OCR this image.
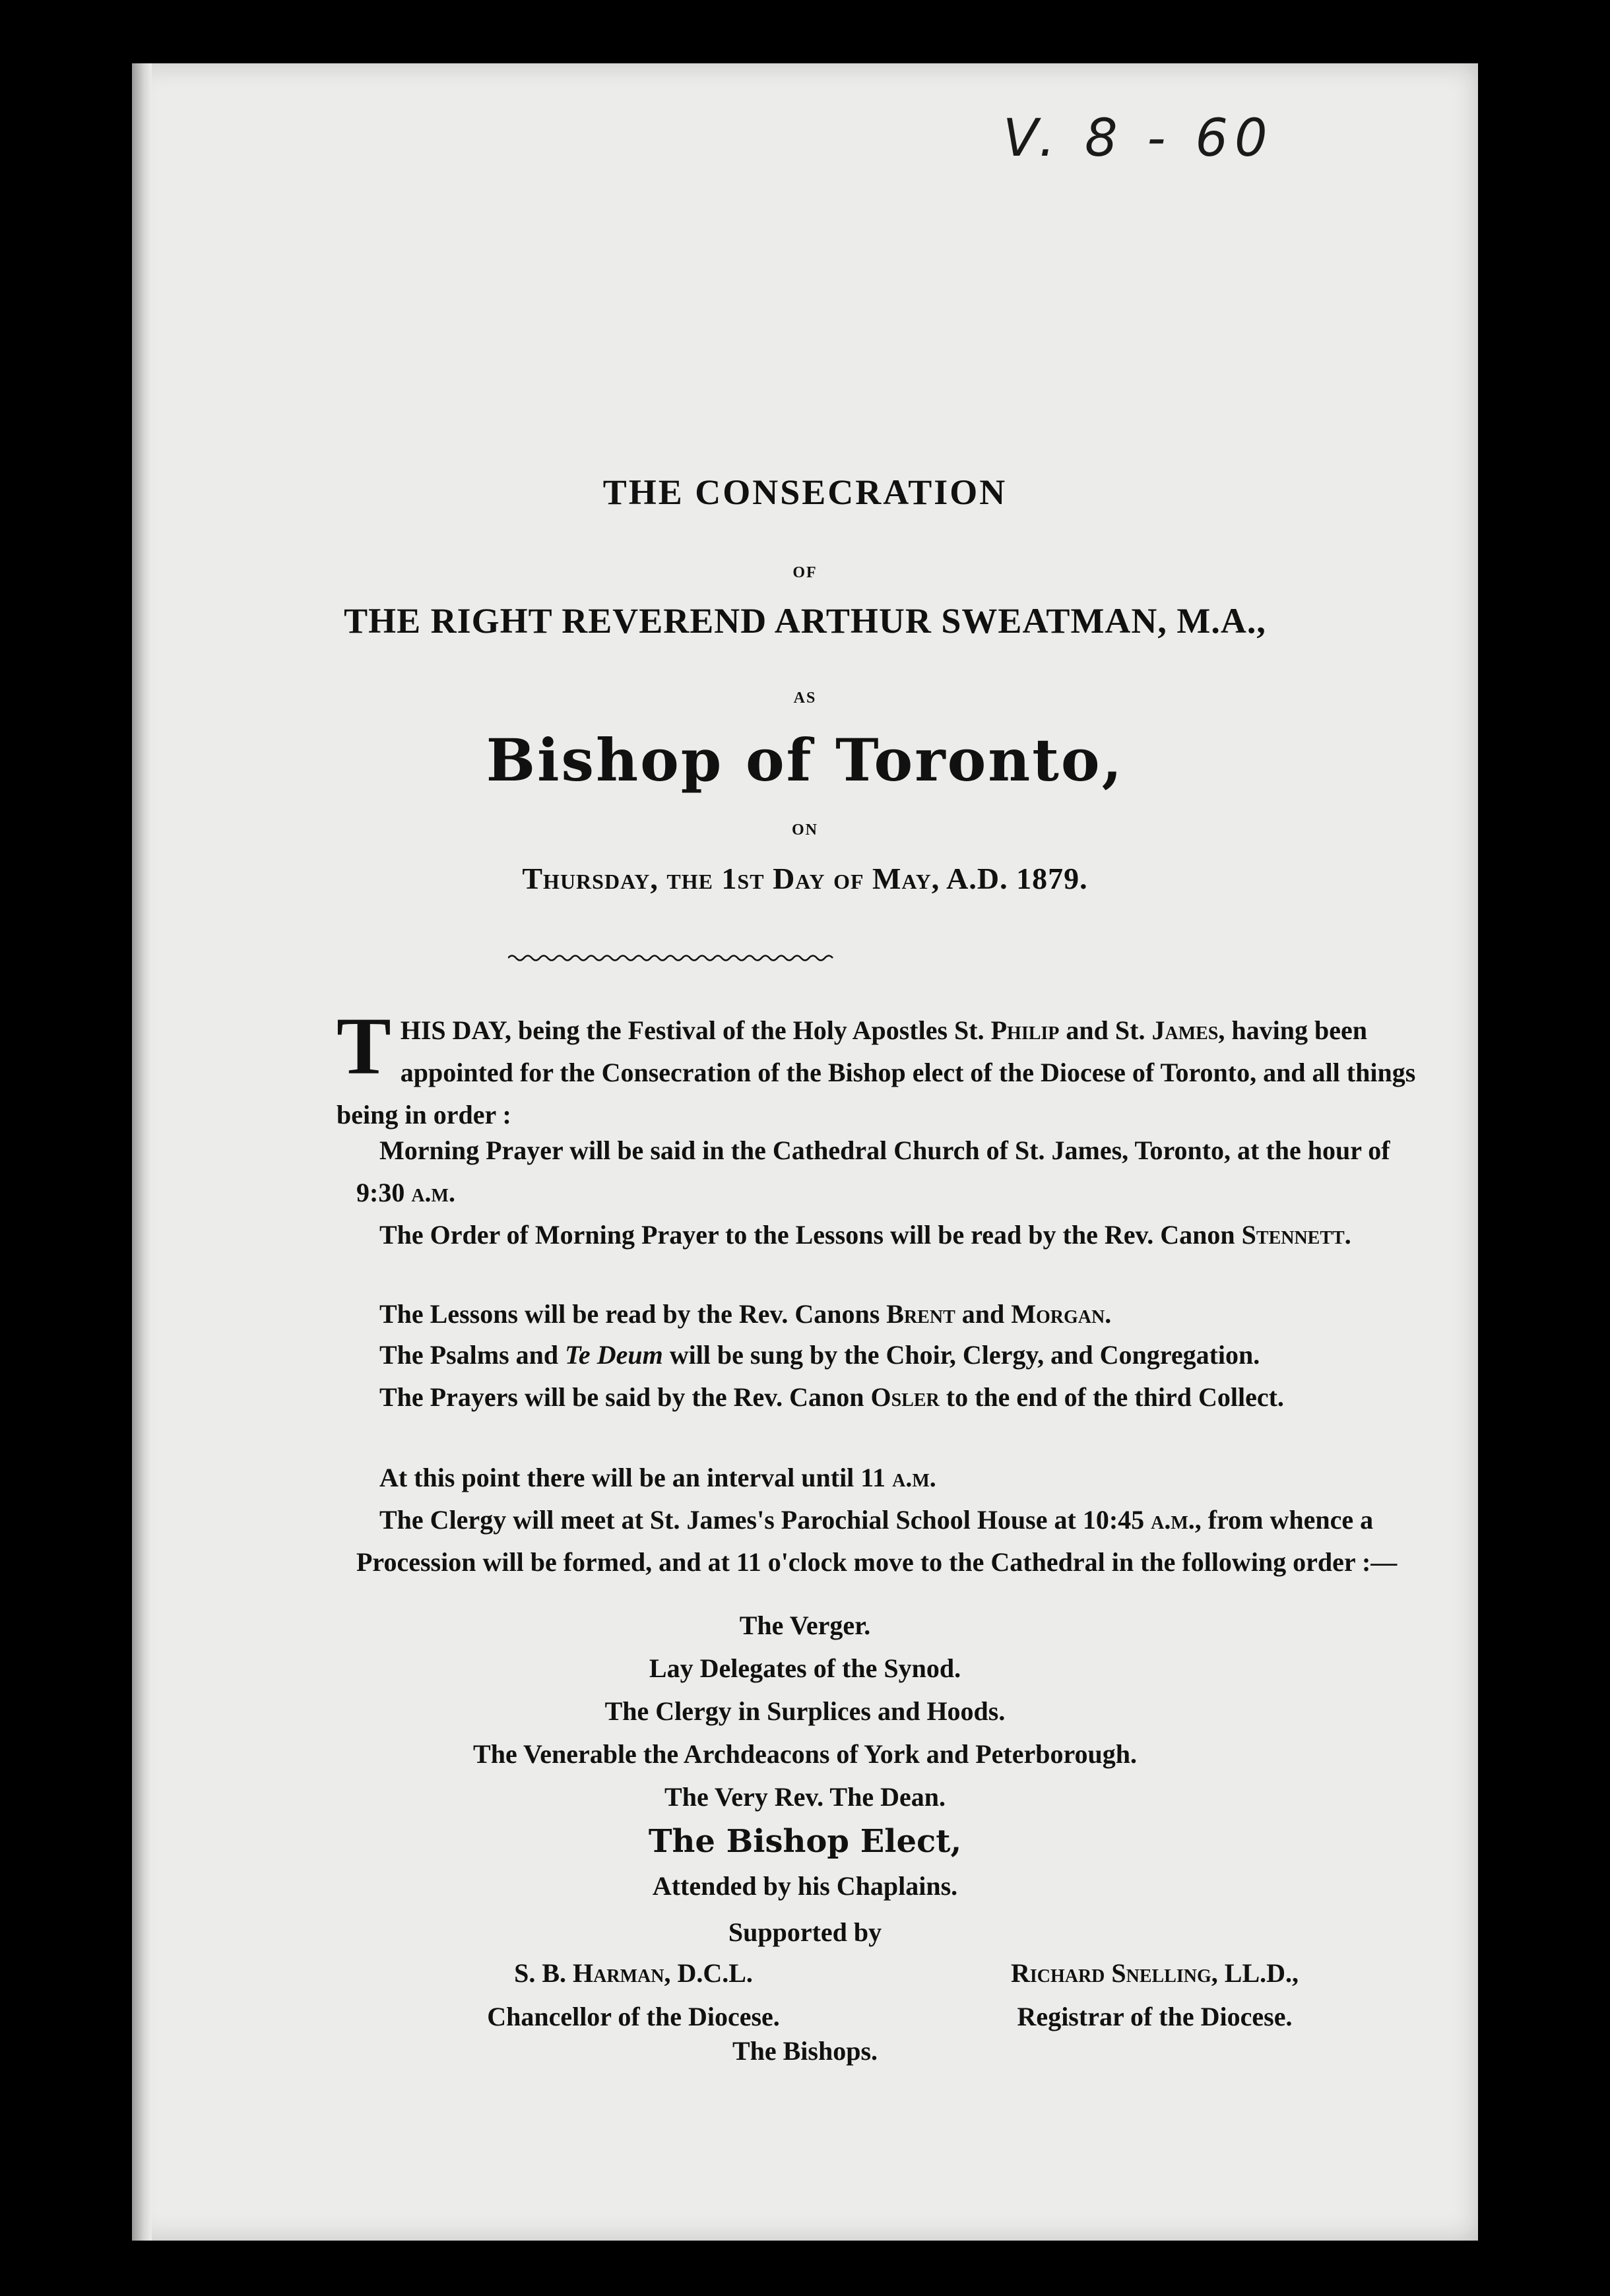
V. 8 - 60
THE CONSECRATION
OF
THE RIGHT REVEREND ARTHUR SWEATMAN, M.A.,
AS
Bishop of Toronto,
ON
Thursday, the 1st Day of May, A.D. 1879.
THIS DAY, being the Festival of the Holy Apostles St. Philip and St. James, having been appointed for the Consecration of the Bishop elect of the Diocese of Toronto, and all things being in order :
Morning Prayer will be said in the Cathedral Church of St. James, Toronto, at the hour of 9:30 a.m.
The Order of Morning Prayer to the Lessons will be read by the Rev. Canon Stennett.
The Lessons will be read by the Rev. Canons Brent and Morgan.
The Psalms and Te Deum will be sung by the Choir, Clergy, and Congregation.
The Prayers will be said by the Rev. Canon Osler to the end of the third Collect.
At this point there will be an interval until 11 a.m.
The Clergy will meet at St. James's Parochial School House at 10:45 a.m., from whence a Procession will be formed, and at 11 o'clock move to the Cathedral in the following order :—
The Verger.
Lay Delegates of the Synod.
The Clergy in Surplices and Hoods.
The Venerable the Archdeacons of York and Peterborough.
The Very Rev. The Dean.
The Bishop Elect,
Attended by his Chaplains.
Supported by
S. B. Harman, D.C.L.
Chancellor of the Diocese.
Richard Snelling, LL.D.,
Registrar of the Diocese.
The Bishops.
